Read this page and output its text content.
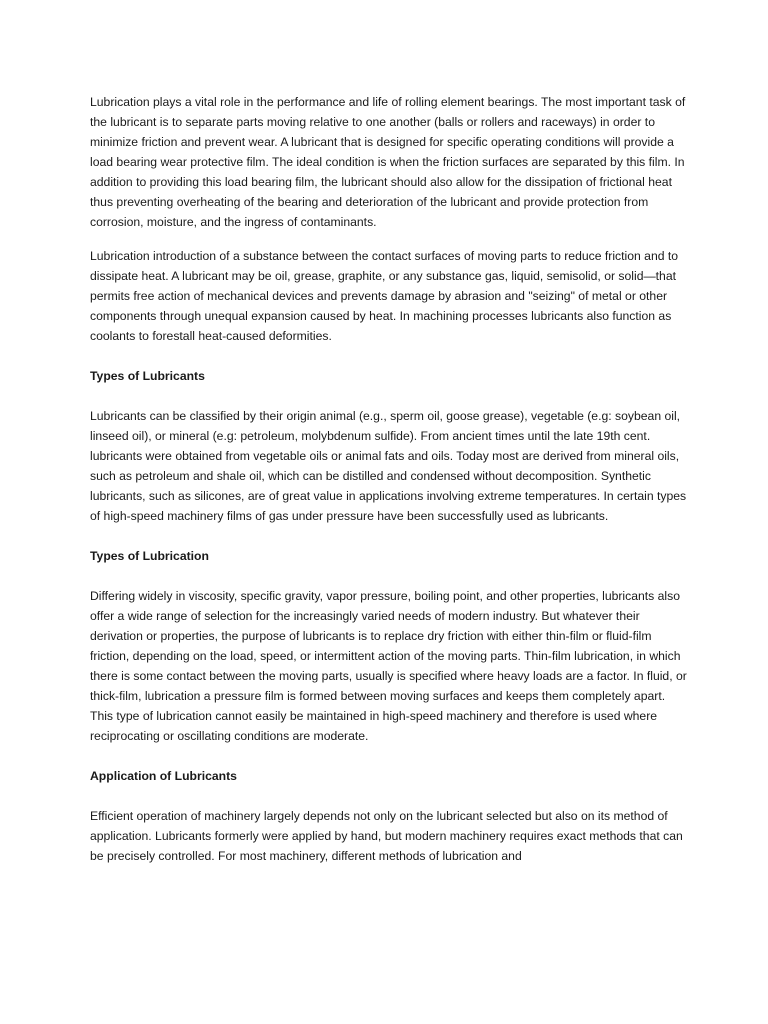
Lubrication plays a vital role in the performance and life of rolling element bearings. The most important task of the lubricant is to separate parts moving relative to one another (balls or rollers and raceways) in order to minimize friction and prevent wear. A lubricant that is designed for specific operating conditions will provide a load bearing wear protective film. The ideal condition is when the friction surfaces are separated by this film. In addition to providing this load bearing film, the lubricant should also allow for the dissipation of frictional heat thus preventing overheating of the bearing and deterioration of the lubricant and provide protection from corrosion, moisture, and the ingress of contaminants.

Lubrication introduction of a substance between the contact surfaces of moving parts to reduce friction and to dissipate heat. A lubricant may be oil, grease, graphite, or any substance gas, liquid, semisolid, or solid—that permits free action of mechanical devices and prevents damage by abrasion and "seizing" of metal or other components through unequal expansion caused by heat. In machining processes lubricants also function as coolants to forestall heat-caused deformities.

Types of Lubricants

Lubricants can be classified by their origin animal (e.g., sperm oil, goose grease), vegetable (e.g: soybean oil, linseed oil), or mineral (e.g: petroleum, molybdenum sulfide). From ancient times until the late 19th cent. lubricants were obtained from vegetable oils or animal fats and oils. Today most are derived from mineral oils, such as petroleum and shale oil, which can be distilled and condensed without decomposition. Synthetic lubricants, such as silicones, are of great value in applications involving extreme temperatures. In certain types of high-speed machinery films of gas under pressure have been successfully used as lubricants.

Types of Lubrication

Differing widely in viscosity, specific gravity, vapor pressure, boiling point, and other properties, lubricants also offer a wide range of selection for the increasingly varied needs of modern industry. But whatever their derivation or properties, the purpose of lubricants is to replace dry friction with either thin-film or fluid-film friction, depending on the load, speed, or intermittent action of the moving parts. Thin-film lubrication, in which there is some contact between the moving parts, usually is specified where heavy loads are a factor. In fluid, or thick-film, lubrication a pressure film is formed between moving surfaces and keeps them completely apart. This type of lubrication cannot easily be maintained in high-speed machinery and therefore is used where reciprocating or oscillating conditions are moderate.

Application of Lubricants

Efficient operation of machinery largely depends not only on the lubricant selected but also on its method of application. Lubricants formerly were applied by hand, but modern machinery requires exact methods that can be precisely controlled. For most machinery, different methods of lubrication and
